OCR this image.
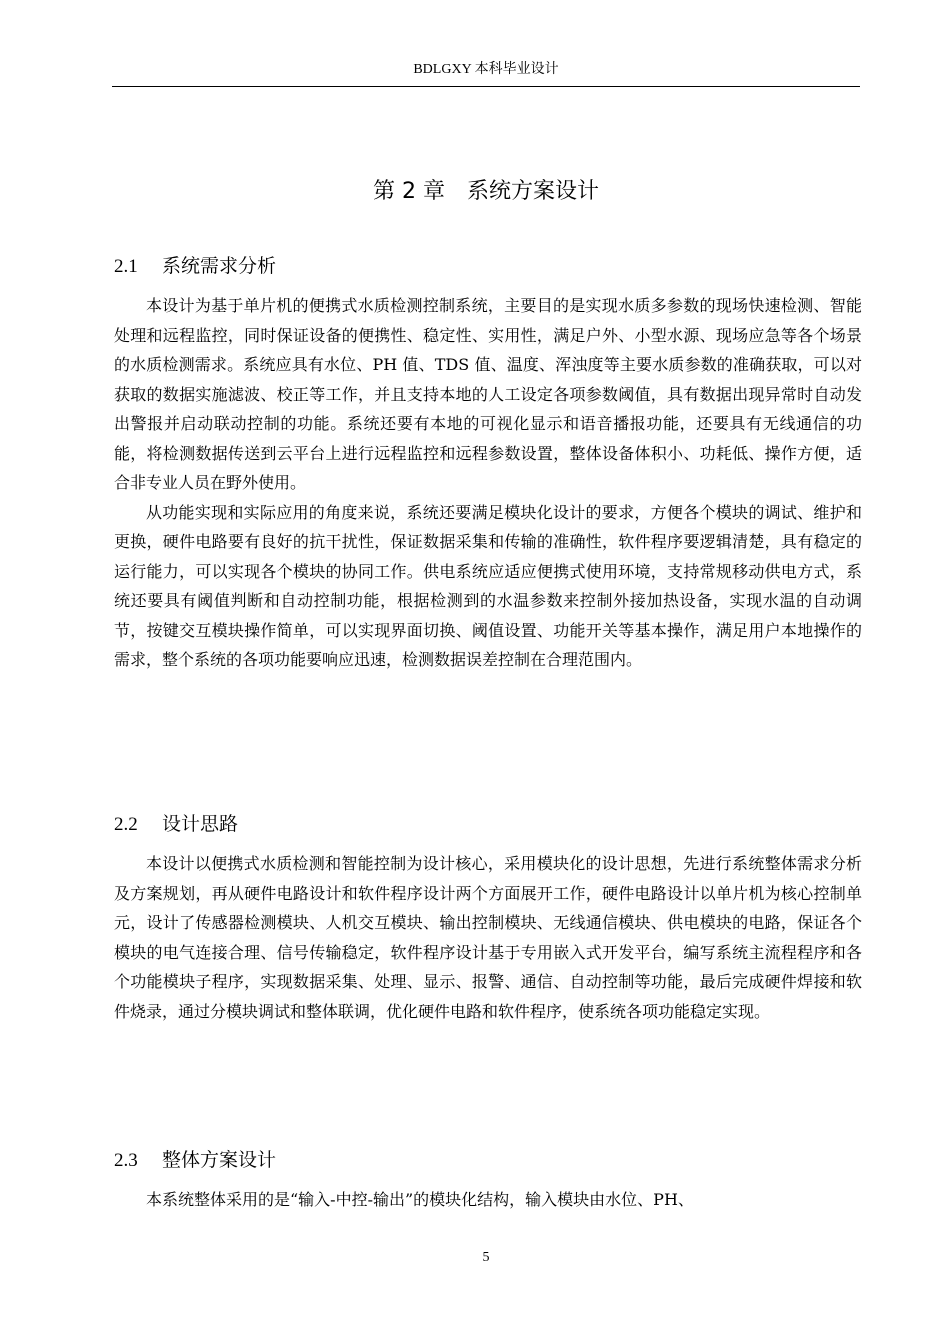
BDLGXY 本科毕业设计
第 2 章　系统方案设计
2.1 系统需求分析

本设计为基于单片机的便携式水质检测控制系统，主要目的是实现水质多参数的现场快速检测、智能处理和远程监控，同时保证设备的便携性、稳定性、实用性，满足户外、小型水源、现场应急等各个场景的水质检测需求。系统应具有水位、PH 值、TDS 值、温度、浑浊度等主要水质参数的准确获取，可以对获取的数据实施滤波、校正等工作，并且支持本地的人工设定各项参数阈值，具有数据出现异常时自动发出警报并启动联动控制的功能。系统还要有本地的可视化显示和语音播报功能，还要具有无线通信的功能，将检测数据传送到云平台上进行远程监控和远程参数设置，整体设备体积小、功耗低、操作方便，适合非专业人员在野外使用。

从功能实现和实际应用的角度来说，系统还要满足模块化设计的要求，方便各个模块的调试、维护和更换，硬件电路要有良好的抗干扰性，保证数据采集和传输的准确性，软件程序要逻辑清楚，具有稳定的运行能力，可以实现各个模块的协同工作。供电系统应适应便携式使用环境，支持常规移动供电方式，系统还要具有阈值判断和自动控制功能，根据检测到的水温参数来控制外接加热设备，实现水温的自动调节，按键交互模块操作简单，可以实现界面切换、阈值设置、功能开关等基本操作，满足用户本地操作的需求，整个系统的各项功能要响应迅速，检测数据误差控制在合理范围内。

2.2 设计思路

本设计以便携式水质检测和智能控制为设计核心，采用模块化的设计思想，先进行系统整体需求分析及方案规划，再从硬件电路设计和软件程序设计两个方面展开工作，硬件电路设计以单片机为核心控制单元，设计了传感器检测模块、人机交互模块、输出控制模块、无线通信模块、供电模块的电路，保证各个模块的电气连接合理、信号传输稳定，软件程序设计基于专用嵌入式开发平台，编写系统主流程程序和各个功能模块子程序，实现数据采集、处理、显示、报警、通信、自动控制等功能，最后完成硬件焊接和软件烧录，通过分模块调试和整体联调，优化硬件电路和软件程序，使系统各项功能稳定实现。

2.3 整体方案设计

本系统整体采用的是“输入-中控-输出”的模块化结构，输入模块由水位、PH、

5
